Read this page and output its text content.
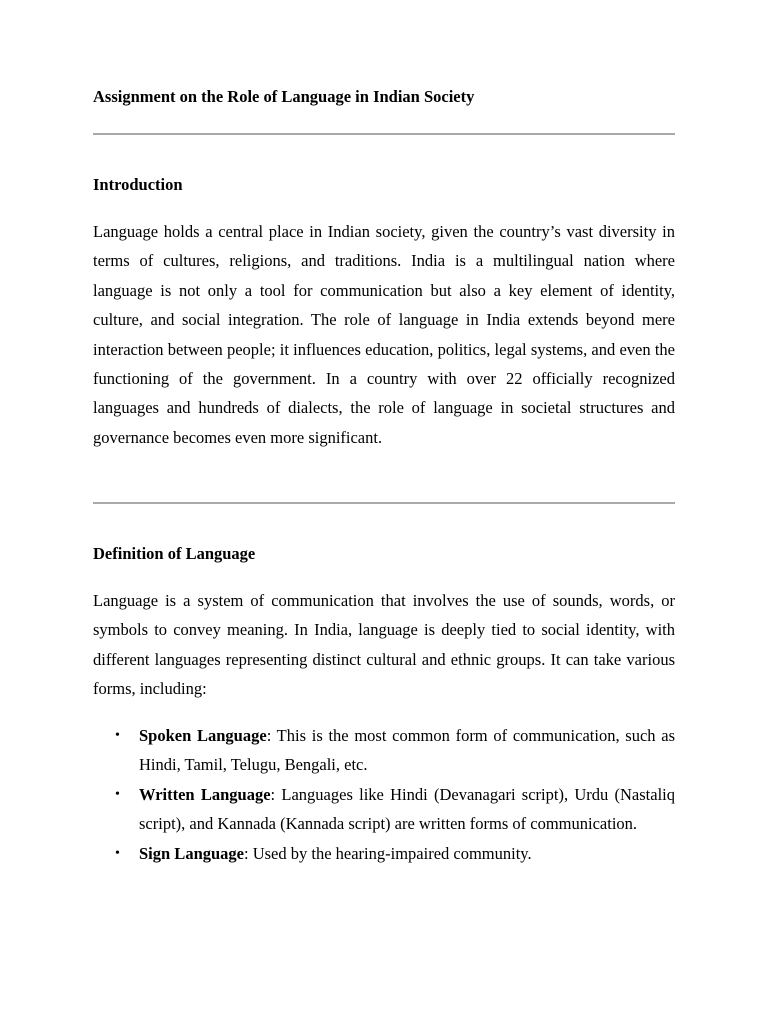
Assignment on the Role of Language in Indian Society
Introduction

Language holds a central place in Indian society, given the country’s vast diversity in terms of cultures, religions, and traditions. India is a multilingual nation where language is not only a tool for communication but also a key element of identity, culture, and social integration. The role of language in India extends beyond mere interaction between people; it influences education, politics, legal systems, and even the functioning of the government. In a country with over 22 officially recognized languages and hundreds of dialects, the role of language in societal structures and governance becomes even more significant.

Definition of Language

Language is a system of communication that involves the use of sounds, words, or symbols to convey meaning. In India, language is deeply tied to social identity, with different languages representing distinct cultural and ethnic groups. It can take various forms, including:

• Spoken Language: This is the most common form of communication, such as Hindi, Tamil, Telugu, Bengali, etc.
• Written Language: Languages like Hindi (Devanagari script), Urdu (Nastaliq script), and Kannada (Kannada script) are written forms of communication.
• Sign Language: Used by the hearing-impaired community.
